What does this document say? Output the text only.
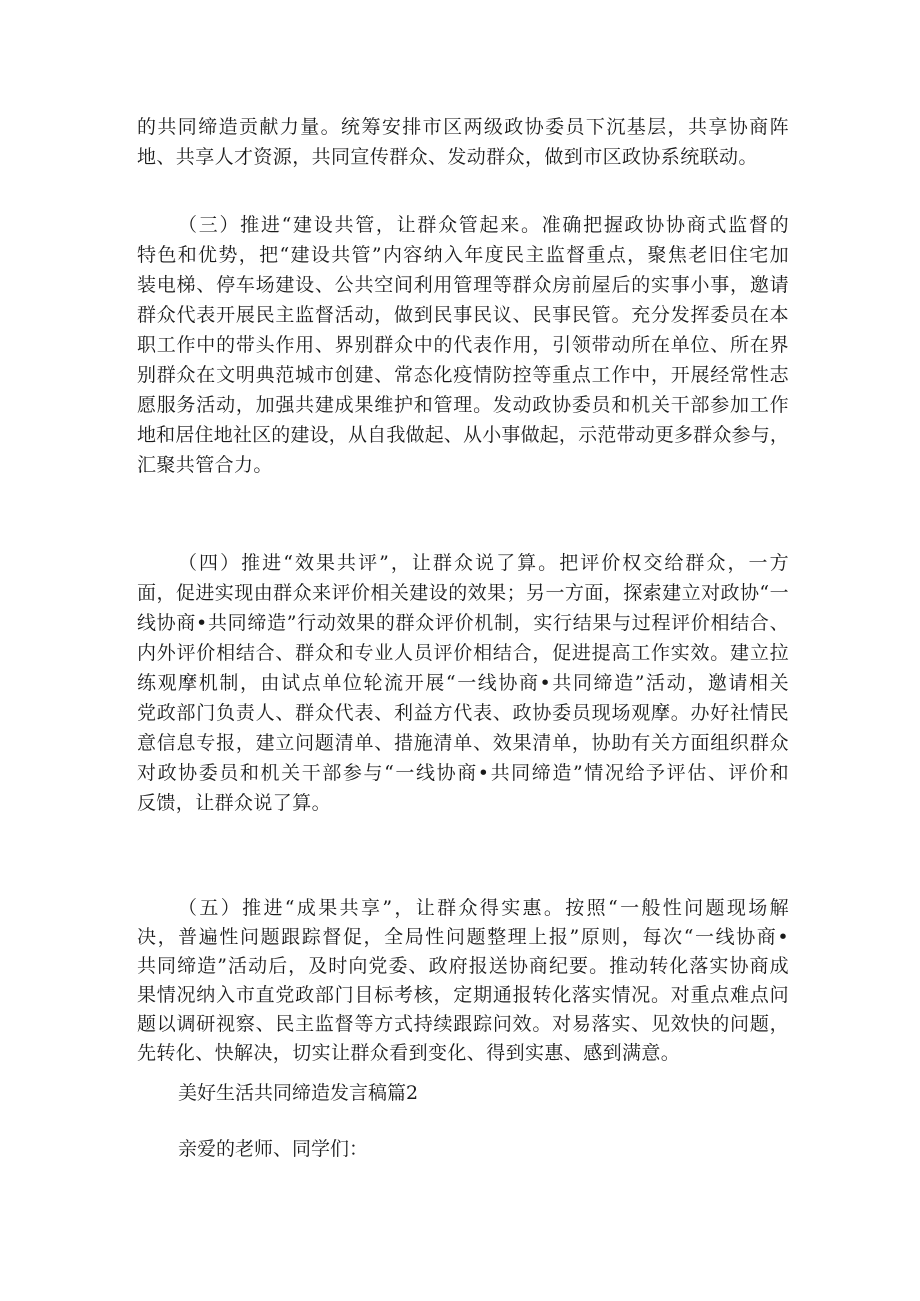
的共同缔造贡献力量。统筹安排市区两级政协委员下沉基层，共享协商阵
地、共享人才资源，共同宣传群众、发动群众，做到市区政协系统联动。
（三）推进“建设共管，让群众管起来。准确把握政协协商式监督的
特色和优势，把“建设共管”内容纳入年度民主监督重点，聚焦老旧住宅加
装电梯、停车场建设、公共空间利用管理等群众房前屋后的实事小事，邀请
群众代表开展民主监督活动，做到民事民议、民事民管。充分发挥委员在本
职工作中的带头作用、界别群众中的代表作用，引领带动所在单位、所在界
别群众在文明典范城市创建、常态化疫情防控等重点工作中，开展经常性志
愿服务活动，加强共建成果维护和管理。发动政协委员和机关干部参加工作
地和居住地社区的建设，从自我做起、从小事做起，示范带动更多群众参与，
汇聚共管合力。
（四）推进“效果共评”，让群众说了算。把评价权交给群众，一方
面，促进实现由群众来评价相关建设的效果；另一方面，探索建立对政协“一
线协商•共同缔造”行动效果的群众评价机制，实行结果与过程评价相结合、
内外评价相结合、群众和专业人员评价相结合，促进提高工作实效。建立拉
练观摩机制，由试点单位轮流开展“一线协商•共同缔造”活动，邀请相关
党政部门负责人、群众代表、利益方代表、政协委员现场观摩。办好社情民
意信息专报，建立问题清单、措施清单、效果清单，协助有关方面组织群众
对政协委员和机关干部参与“一线协商•共同缔造”情况给予评估、评价和
反馈，让群众说了算。
（五）推进“成果共享”，让群众得实惠。按照“一般性问题现场解
决，普遍性问题跟踪督促，全局性问题整理上报”原则，每次“一线协商•
共同缔造”活动后，及时向党委、政府报送协商纪要。推动转化落实协商成
果情况纳入市直党政部门目标考核，定期通报转化落实情况。对重点难点问
题以调研视察、民主监督等方式持续跟踪问效。对易落实、见效快的问题，
先转化、快解决，切实让群众看到变化、得到实惠、感到满意。

美好生活共同缔造发言稿篇2

亲爱的老师、同学们：
